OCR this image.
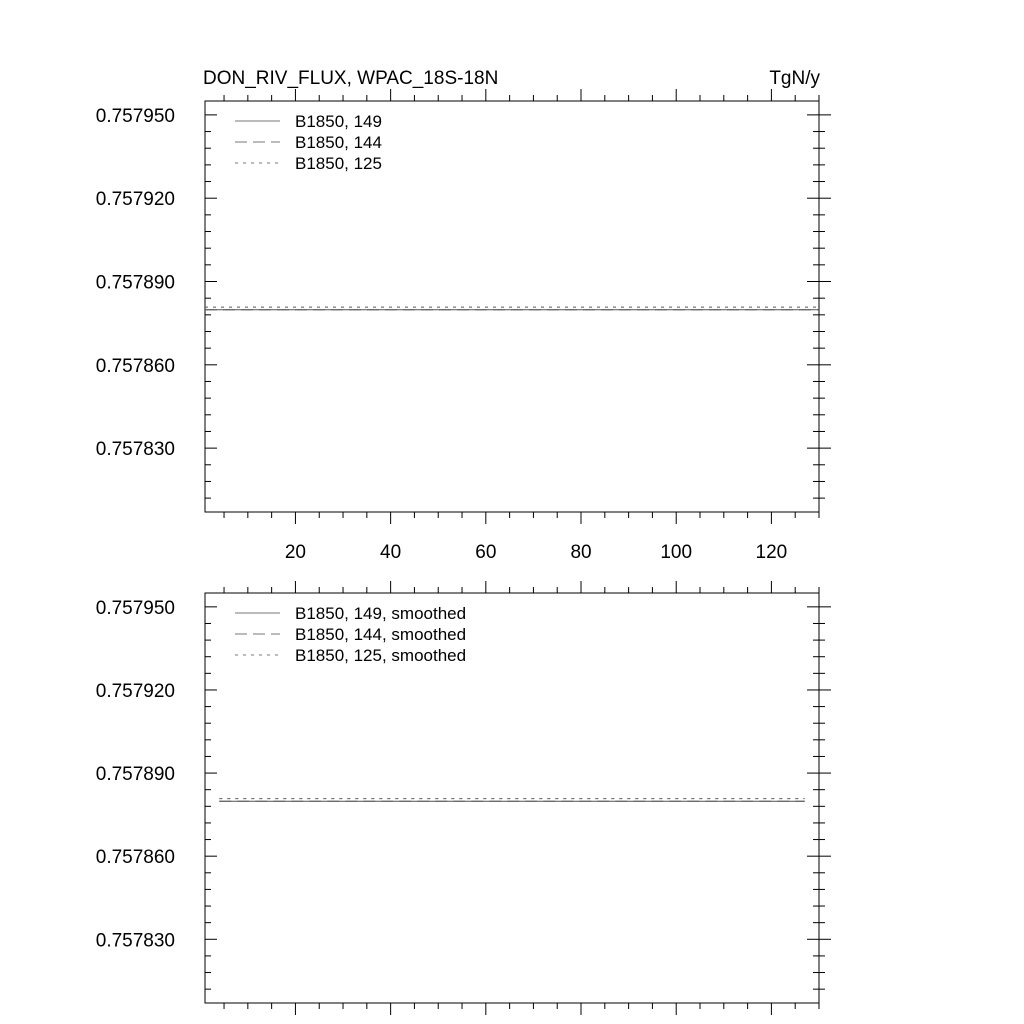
DON_RIV_FLUX, WPAC_18S-18N	TgN/y
0.757950
0.757920
0.757890
0.757860
0.757830
20	40	60	80	100	120
B1850, 149
B1850, 144
B1850, 125
0.757950
0.757920
0.757890
0.757860
0.757830
B1850, 149, smoothed
B1850, 144, smoothed
B1850, 125, smoothed
